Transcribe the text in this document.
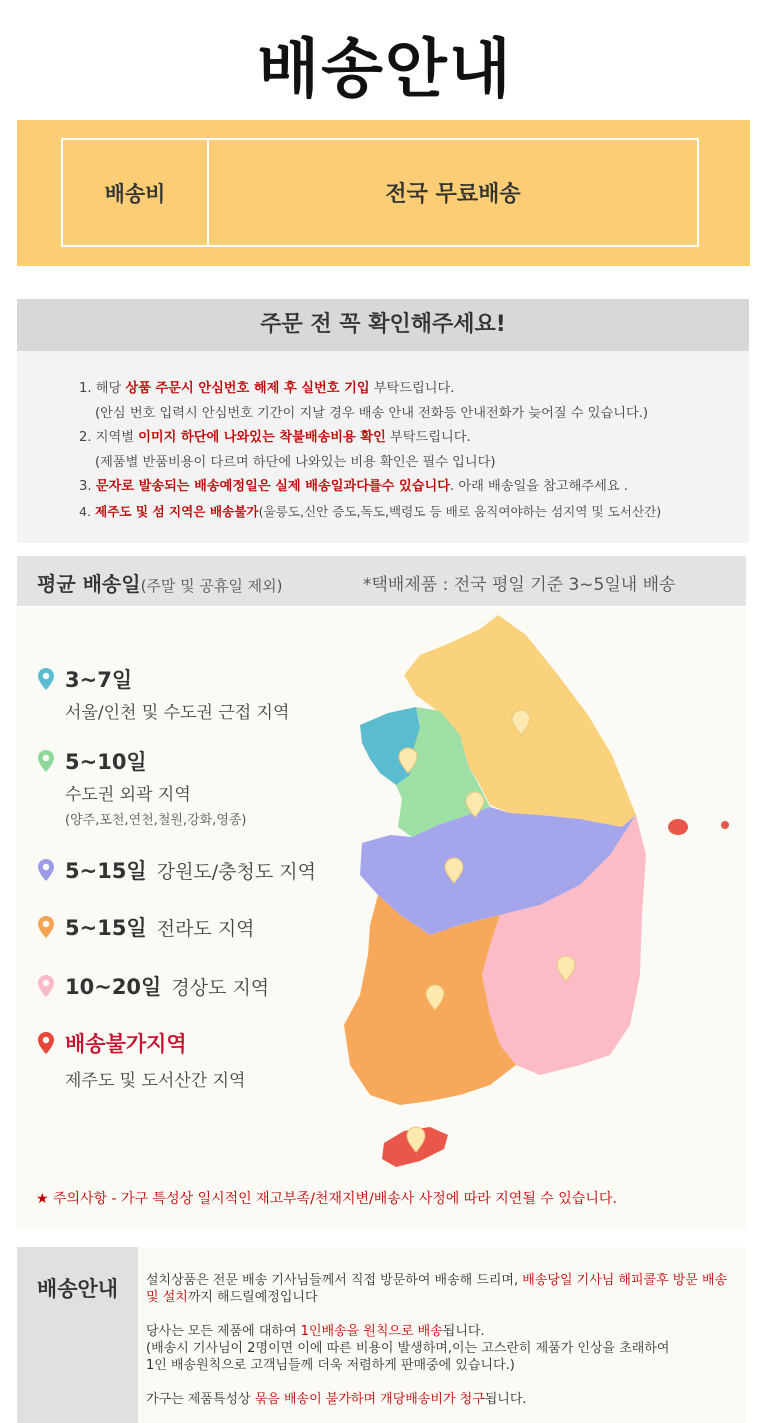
배송안내
배송비	전국 무료배송
주문 전 꼭 확인해주세요!
1. 해당 상품 주문시 안심번호 해제 후 실번호 기입 부탁드립니다.
(안심 번호 입력시 안심번호 기간이 지날 경우 배송 안내 전화등 안내전화가 늦어질 수 있습니다.)
2. 지역별 이미지 하단에 나와있는 착불배송비용 확인 부탁드립니다.
(제품별 반품비용이 다르며 하단에 나와있는 비용 확인은 필수 입니다)
3. 문자로 발송되는 배송예정일은 실제 배송일과다를수 있습니다. 아래 배송일을 참고해주세요 .
4. 제주도 및 섬 지역은 배송불가(울릉도,신안 증도,독도,백령도 등 배로 움직여야하는 섬지역 및 도서산간)
평균 배송일(주말 및 공휴일 제외)	*택배제품 : 전국 평일 기준 3~5일내 배송
3~7일
서울/인천 및 수도권 근접 지역
5~10일
수도권 외곽 지역
(양주,포천,연천,철원,강화,영종)
5~15일 강원도/충청도 지역
5~15일 전라도 지역
10~20일 경상도 지역
배송불가지역
제주도 및 도서산간 지역
★ 주의사항 - 가구 특성상 일시적인 재고부족/천재지변/배송사 사정에 따라 지연될 수 있습니다.
배송안내	설치상품은 전문 배송 기사님들께서 직접 방문하여 배송해 드리며, 배송당일 기사님 해피콜후 방문 배송 및 설치까지 해드릴예정입니다

당사는 모든 제품에 대하여 1인배송을 원칙으로 배송됩니다.
(배송시 기사님이 2명이면 이에 따른 비용이 발생하며,이는 고스란히 제품가 인상을 초래하여
1인 배송원칙으로 고객님들께 더욱 저렴하게 판매중에 있습니다.)

가구는 제품특성상 묶음 배송이 불가하며 개당배송비가 청구됩니다.
